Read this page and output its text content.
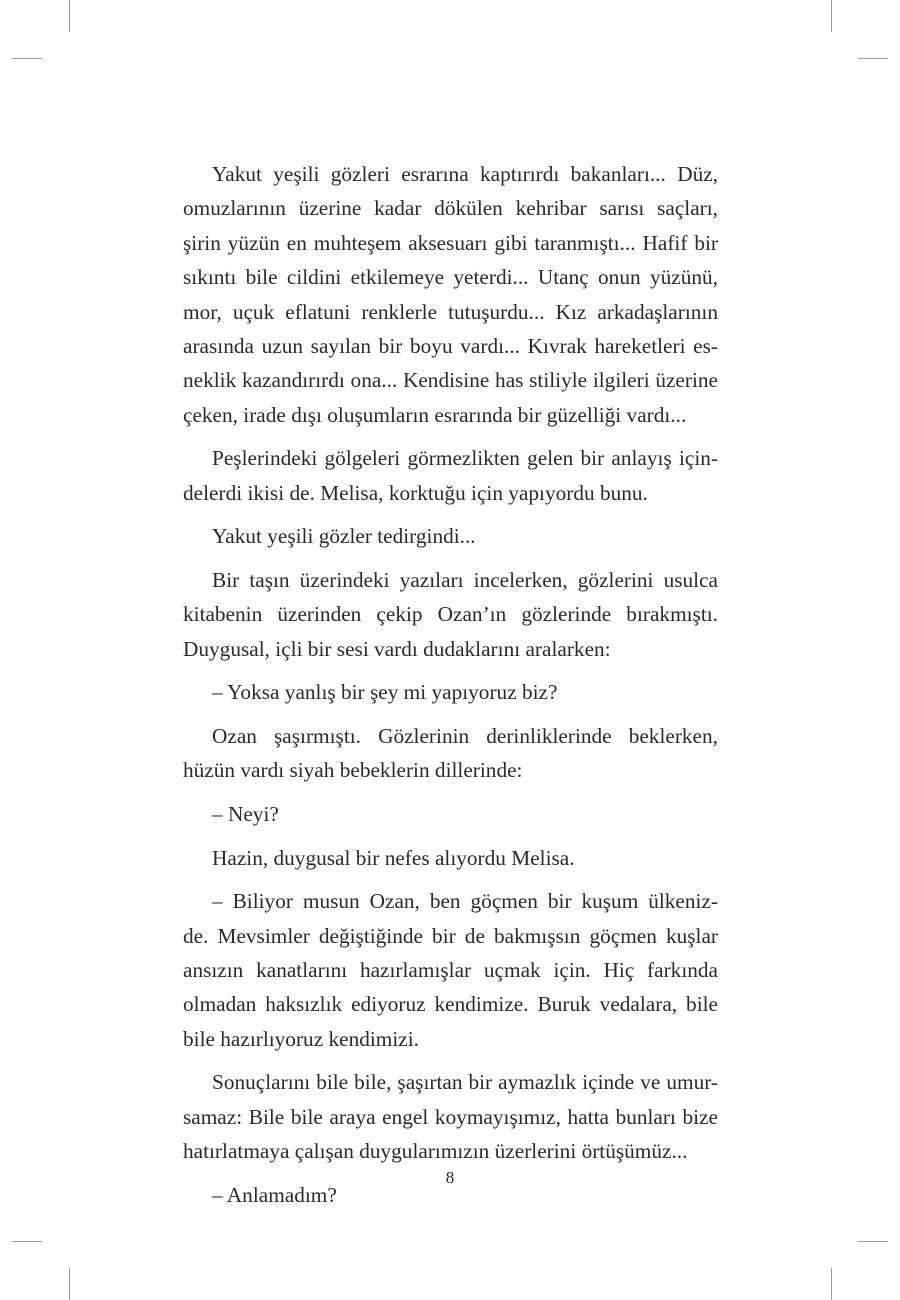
Yakut yeşili gözleri esrarına kaptırırdı bakanları... Düz,
omuzlarının üzerine kadar dökülen kehribar sarısı saçları,
şirin yüzün en muhteşem aksesuarı gibi taranmıştı... Hafif bir
sıkıntı bile cildini etkilemeye yeterdi... Utanç onun yüzünü,
mor, uçuk eflatuni renklerle tutuşurdu... Kız arkadaşlarının
arasında uzun sayılan bir boyu vardı... Kıvrak hareketleri es-
neklik kazandırırdı ona... Kendisine has stiliyle ilgileri üzerine
çeken, irade dışı oluşumların esrarında bir güzelliği vardı...
Peşlerindeki gölgeleri görmezlikten gelen bir anlayış için-
delerdi ikisi de. Melisa, korktuğu için yapıyordu bunu.
Yakut yeşili gözler tedirgindi...
Bir taşın üzerindeki yazıları incelerken, gözlerini usulca
kitabenin üzerinden çekip Ozan’ın gözlerinde bırakmıştı.
Duygusal, içli bir sesi vardı dudaklarını aralarken:
– Yoksa yanlış bir şey mi yapıyoruz biz?
Ozan şaşırmıştı. Gözlerinin derinliklerinde beklerken,
hüzün vardı siyah bebeklerin dillerinde:
– Neyi?
Hazin, duygusal bir nefes alıyordu Melisa.
– Biliyor musun Ozan, ben göçmen bir kuşum ülkeniz-
de. Mevsimler değiştiğinde bir de bakmışsın göçmen kuşlar
ansızın kanatlarını hazırlamışlar uçmak için. Hiç farkında
olmadan haksızlık ediyoruz kendimize. Buruk vedalara, bile
bile hazırlıyoruz kendimizi.
Sonuçlarını bile bile, şaşırtan bir aymazlık içinde ve umur-
samaz: Bile bile araya engel koymayışımız, hatta bunları bize
hatırlatmaya çalışan duygularımızın üzerlerini örtüşümüz...
– Anlamadım?
8
